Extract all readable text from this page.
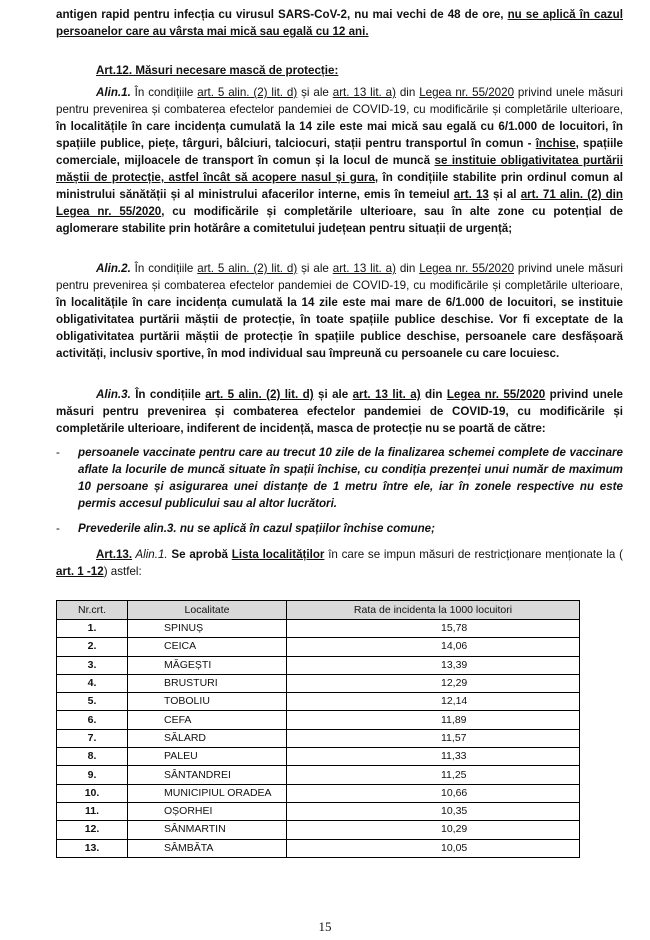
antigen rapid pentru infecția cu virusul SARS-CoV-2, nu mai vechi de 48 de ore, nu se aplică în cazul persoanelor care au vârsta mai mică sau egală cu 12 ani.

Art.12. Măsuri necesare mască de protecție:

Alin.1. În condițiile art. 5 alin. (2) lit. d) și ale art. 13 lit. a) din Legea nr. 55/2020 privind unele măsuri pentru prevenirea și combaterea efectelor pandemiei de COVID-19, cu modificările și completările ulterioare, în localitățile în care incidența cumulată la 14 zile este mai mică sau egală cu 6/1.000 de locuitori, în spațiile publice, piețe, târguri, bâlciuri, talciocuri, stații pentru transportul în comun - închise, spațiile comerciale, mijloacele de transport în comun și la locul de muncă se instituie obligativitatea purtării măștii de protecție, astfel încât să acopere nasul și gura, în condițiile stabilite prin ordinul comun al ministrului sănătății și al ministrului afacerilor interne, emis în temeiul art. 13 și al art. 71 alin. (2) din Legea nr. 55/2020, cu modificările și completările ulterioare, sau în alte zone cu potențial de aglomerare stabilite prin hotărâre a comitetului județean pentru situații de urgență;

Alin.2. În condițiile art. 5 alin. (2) lit. d) și ale art. 13 lit. a) din Legea nr. 55/2020 privind unele măsuri pentru prevenirea și combaterea efectelor pandemiei de COVID-19, cu modificările și completările ulterioare, în localitățile în care incidența cumulată la 14 zile este mai mare de 6/1.000 de locuitori, se instituie obligativitatea purtării măștii de protecție, în toate spațiile publice deschise. Vor fi exceptate de la obligativitatea purtării măștii de protecție în spațiile publice deschise, persoanele care desfășoară activități, inclusiv sportive, în mod individual sau împreună cu persoanele cu care locuiesc.

Alin.3. În condițiile art. 5 alin. (2) lit. d) și ale art. 13 lit. a) din Legea nr. 55/2020 privind unele măsuri pentru prevenirea și combaterea efectelor pandemiei de COVID-19, cu modificările și completările ulterioare, indiferent de incidență, masca de protecție nu se poartă de către:

- persoanele vaccinate pentru care au trecut 10 zile de la finalizarea schemei complete de vaccinare aflate la locurile de muncă situate în spații închise, cu condiția prezenței unui număr de maximum 10 persoane și asigurarea unei distanțe de 1 metru între ele, iar în zonele respective nu este permis accesul publicului sau al altor lucrători.
- Prevederile alin.3. nu se aplică în cazul spațiilor închise comune;

Art.13. Alin.1. Se aprobă Lista localităților în care se impun măsuri de restricționare menționate la ( art. 1 -12) astfel:

Nr.crt.	Localitate	Rata de incidenta la 1000 locuitori
1.	SPINUȘ	15,78
2.	CEICA	14,06
3.	MĂGEȘTI	13,39
4.	BRUSTURI	12,29
5.	TOBOLIU	12,14
6.	CEFA	11,89
7.	SĂLARD	11,57
8.	PALEU	11,33
9.	SÂNTANDREI	11,25
10.	MUNICIPIUL ORADEA	10,66
11.	OȘORHEI	10,35
12.	SÂNMARTIN	10,29
13.	SÂMBĂTA	10,05
15
